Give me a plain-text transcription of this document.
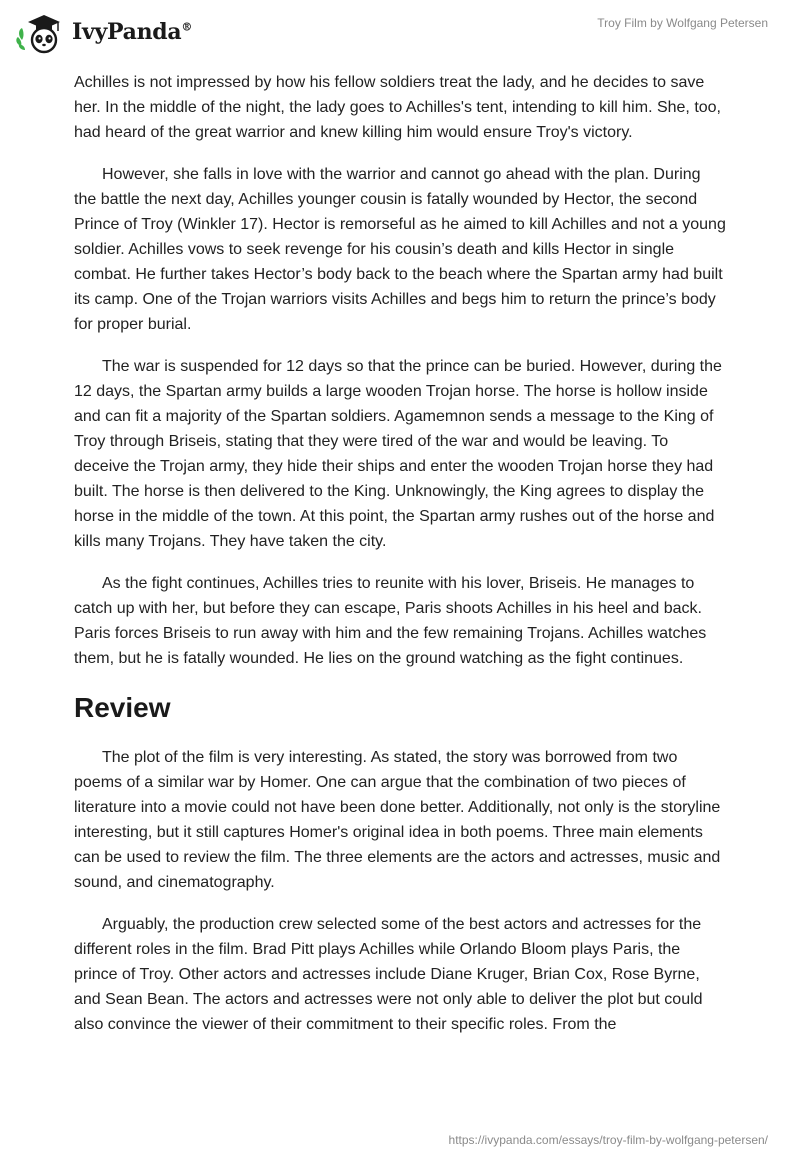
IvyPanda®	Troy Film by Wolfgang Petersen

Achilles is not impressed by how his fellow soldiers treat the lady, and he decides to save her. In the middle of the night, the lady goes to Achilles's tent, intending to kill him. She, too, had heard of the great warrior and knew killing him would ensure Troy's victory.

However, she falls in love with the warrior and cannot go ahead with the plan. During the battle the next day, Achilles younger cousin is fatally wounded by Hector, the second Prince of Troy (Winkler 17). Hector is remorseful as he aimed to kill Achilles and not a young soldier. Achilles vows to seek revenge for his cousin’s death and kills Hector in single combat. He further takes Hector’s body back to the beach where the Spartan army had built its camp. One of the Trojan warriors visits Achilles and begs him to return the prince’s body for proper burial.

The war is suspended for 12 days so that the prince can be buried. However, during the 12 days, the Spartan army builds a large wooden Trojan horse. The horse is hollow inside and can fit a majority of the Spartan soldiers. Agamemnon sends a message to the King of Troy through Briseis, stating that they were tired of the war and would be leaving. To deceive the Trojan army, they hide their ships and enter the wooden Trojan horse they had built. The horse is then delivered to the King. Unknowingly, the King agrees to display the horse in the middle of the town. At this point, the Spartan army rushes out of the horse and kills many Trojans. They have taken the city.

As the fight continues, Achilles tries to reunite with his lover, Briseis. He manages to catch up with her, but before they can escape, Paris shoots Achilles in his heel and back. Paris forces Briseis to run away with him and the few remaining Trojans. Achilles watches them, but he is fatally wounded. He lies on the ground watching as the fight continues.

Review

The plot of the film is very interesting. As stated, the story was borrowed from two poems of a similar war by Homer. One can argue that the combination of two pieces of literature into a movie could not have been done better. Additionally, not only is the storyline interesting, but it still captures Homer's original idea in both poems. Three main elements can be used to review the film. The three elements are the actors and actresses, music and sound, and cinematography.

Arguably, the production crew selected some of the best actors and actresses for the different roles in the film. Brad Pitt plays Achilles while Orlando Bloom plays Paris, the prince of Troy. Other actors and actresses include Diane Kruger, Brian Cox, Rose Byrne, and Sean Bean. The actors and actresses were not only able to deliver the plot but could also convince the viewer of their commitment to their specific roles. From the

https://ivypanda.com/essays/troy-film-by-wolfgang-petersen/
